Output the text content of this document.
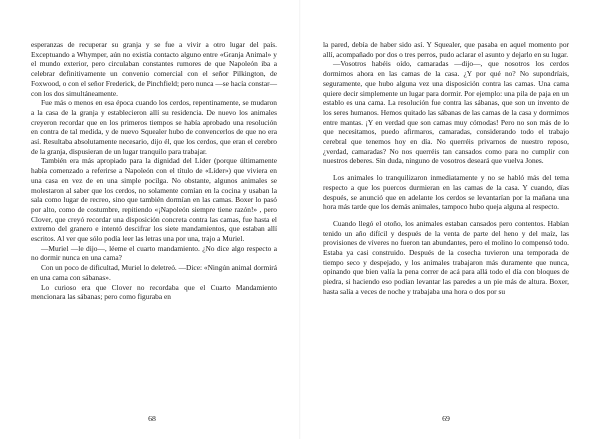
esperanzas de recuperar su granja y se fue a vivir a otro lugar del país. Exceptuando a Whymper, aún no existía contacto alguno entre «Granja Animal» y el mundo exterior, pero circulaban constantes rumores de que Napoleón iba a celebrar definitivamente un convenio comercial con el señor Pilkington, de Foxwood, o con el señor Frederick, de Pinchfield; pero nunca —se hacía constar— con los dos simultáneamente.

Fue más o menos en esa época cuando los cerdos, repentinamente, se mudaron a la casa de la granja y establecieron allí su residencia. De nuevo los animales creyeron recordar que en los primeros tiempos se había aprobado una resolución en contra de tal medida, y de nuevo Squealer hubo de convencerlos de que no era así. Resultaba absolutamente necesario, dijo él, que los cerdos, que eran el cerebro de la granja, dispusieran de un lugar tranquilo para trabajar.

También era más apropiado para la dignidad del Líder (porque últimamente había comenzado a referirse a Napoleón con el título de «Líder») que viviera en una casa en vez de en una simple pocilga. No obstante, algunos animales se molestaron al saber que los cerdos, no solamente comían en la cocina y usaban la sala como lugar de recreo, sino que también dormían en las camas. Boxer lo pasó por alto, como de costumbre, repitiendo «¡Napoleón siempre tiene razón!» , pero Clover, que creyó recordar una disposición concreta contra las camas, fue hasta el extremo del granero e intentó descifrar los siete mandamientos, que estaban allí escritos. Al ver que sólo podía leer las letras una por una, trajo a Muriel.

—Muriel —le dijo—, léeme el cuarto mandamiento. ¿No dice algo respecto a no dormir nunca en una cama?

Con un poco de dificultad, Muriel lo deletreó. —Dice: «Ningún animal dormirá en una cama con sábanas».

Lo curioso era que Clover no recordaba que el Cuarto Mandamiento mencionara las sábanas; pero como figuraba en

68

la pared, debía de haber sido así. Y Squealer, que pasaba en aquel momento por allí, acompañado por dos o tres perros, pudo aclarar el asunto y dejarlo en su lugar.

—Vosotros habéis oído, camaradas —dijo—, que nosotros los cerdos dormimos ahora en las camas de la casa. ¿Y por qué no? No supondríais, seguramente, que hubo alguna vez una disposición contra las camas. Una cama quiere decir simplemente un lugar para dormir. Por ejemplo: una pila de paja en un establo es una cama. La resolución fue contra las sábanas, que son un invento de los seres humanos. Hemos quitado las sábanas de las camas de la casa y dormimos entre mantas. ¡Y en verdad que son camas muy cómodas! Pero no son más de lo que necesitamos, puedo afirmaros, camaradas, considerando todo el trabajo cerebral que tenemos hoy en día. No querréis privarnos de nuestro reposo, ¿verdad, camaradas? No nos querréis tan cansados como para no cumplir con nuestros deberes. Sin duda, ninguno de vosotros deseará que vuelva Jones.

Los animales lo tranquilizaron inmediatamente y no se habló más del tema respecto a que los puercos durmieran en las camas de la casa. Y cuando, días después, se anunció que en adelante los cerdos se levantarían por la mañana una hora más tarde que los demás animales, tampoco hubo queja alguna al respecto.

Cuando llegó el otoño, los animales estaban cansados pero contentos. Habían tenido un año difícil y después de la venta de parte del heno y del maíz, las provisiones de víveres no fueron tan abundantes, pero el molino lo compensó todo. Estaba ya casi construido. Después de la cosecha tuvieron una temporada de tiempo seco y despejado, y los animales trabajaron más duramente que nunca, opinando que bien valía la pena correr de acá para allá todo el día con bloques de piedra, si haciendo eso podían levantar las paredes a un pie más de altura. Boxer, hasta salía a veces de noche y trabajaba una hora o dos por su

69
